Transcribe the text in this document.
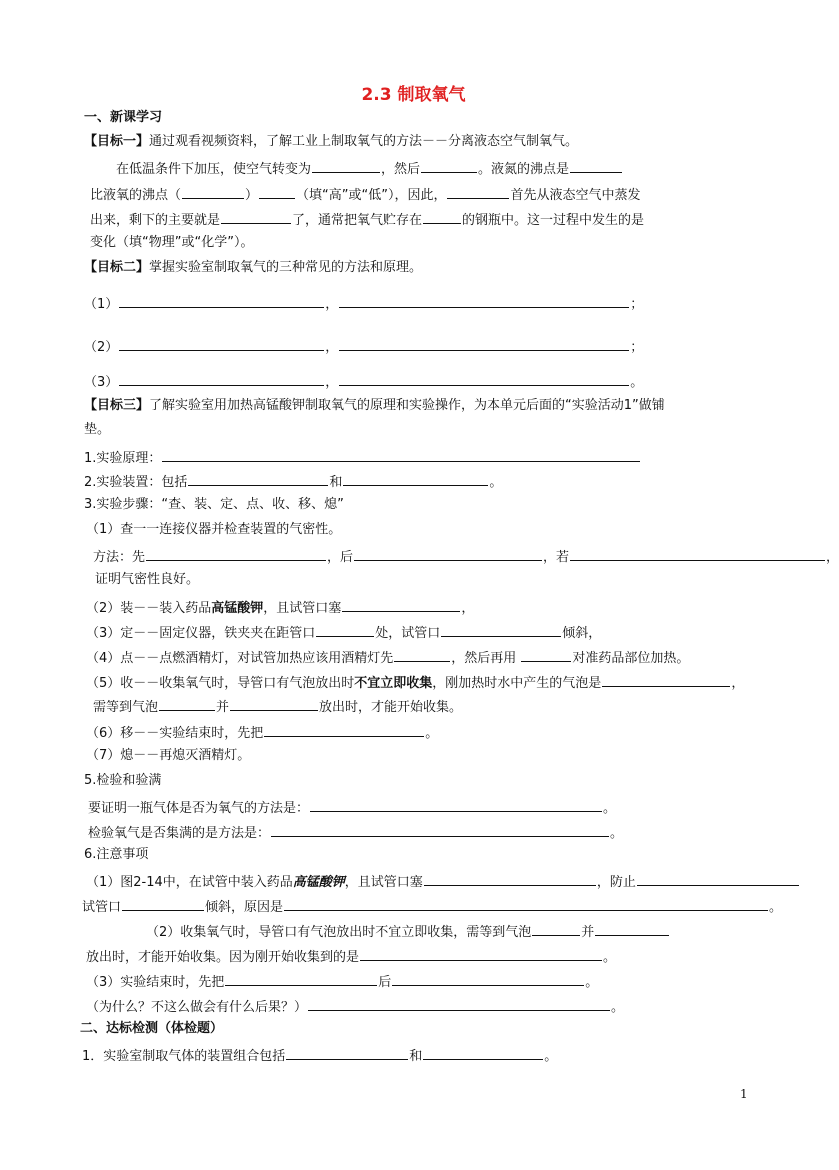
2.3 制取氧气
一、新课学习
【目标一】通过观看视频资料，了解工业上制取氧气的方法－－分离液态空气制氧气。
在低温条件下加压，使空气转变为	，然后	。液氮的沸点是
比液氧的沸点（	）	（填“高”或“低”），因此，	首先从液态空气中蒸发
出来，剩下的主要就是	了，通常把氧气贮存在	的钢瓶中。这一过程中发生的是
变化（填“物理”或“化学”）。
【目标二】掌握实验室制取氧气的三种常见的方法和原理。
（1）	，	；
（2）	，	；
（3）	，	。
【目标三】了解实验室用加热高锰酸钾制取氧气的原理和实验操作，为本单元后面的“实验活动1”做铺
垫。
1.实验原理：
2.实验装置：包括	和	。
3.实验步骤：“查、装、定、点、收、移、熄”
（1）查一一连接仪器并检查装置的气密性。
方法：先	，后	，若	，
证明气密性良好。
（2）装－－装入药品高锰酸钾，且试管口塞	，
（3）定－－固定仪器，铁夹夹在距管口	处，试管口	倾斜，
（4）点－－点燃酒精灯，对试管加热应该用酒精灯先	，然后再用	对准药品部位加热。
（5）收－－收集氧气时，导管口有气泡放出时不宜立即收集，刚加热时水中产生的气泡是	，
需等到气泡	并	放出时，才能开始收集。
（6）移－－实验结束时，先把	。
（7）熄－－再熄灭酒精灯。
5.检验和验满
要证明一瓶气体是否为氧气的方法是：	。
检验氧气是否集满的是方法是：	。
6.注意事项
（1）图2-14中，在试管中装入药品高锰酸钾，且试管口塞	，防止
试管口	倾斜，原因是	。
（2）收集氧气时，导管口有气泡放出时不宜立即收集，需等到气泡	并
放出时，才能开始收集。因为刚开始收集到的是	。
（3）实验结束时，先把	后	。
（为什么？不这么做会有什么后果？）	。
二、达标检测（体检题）
1．实验室制取气体的装置组合包括	和	。
1
